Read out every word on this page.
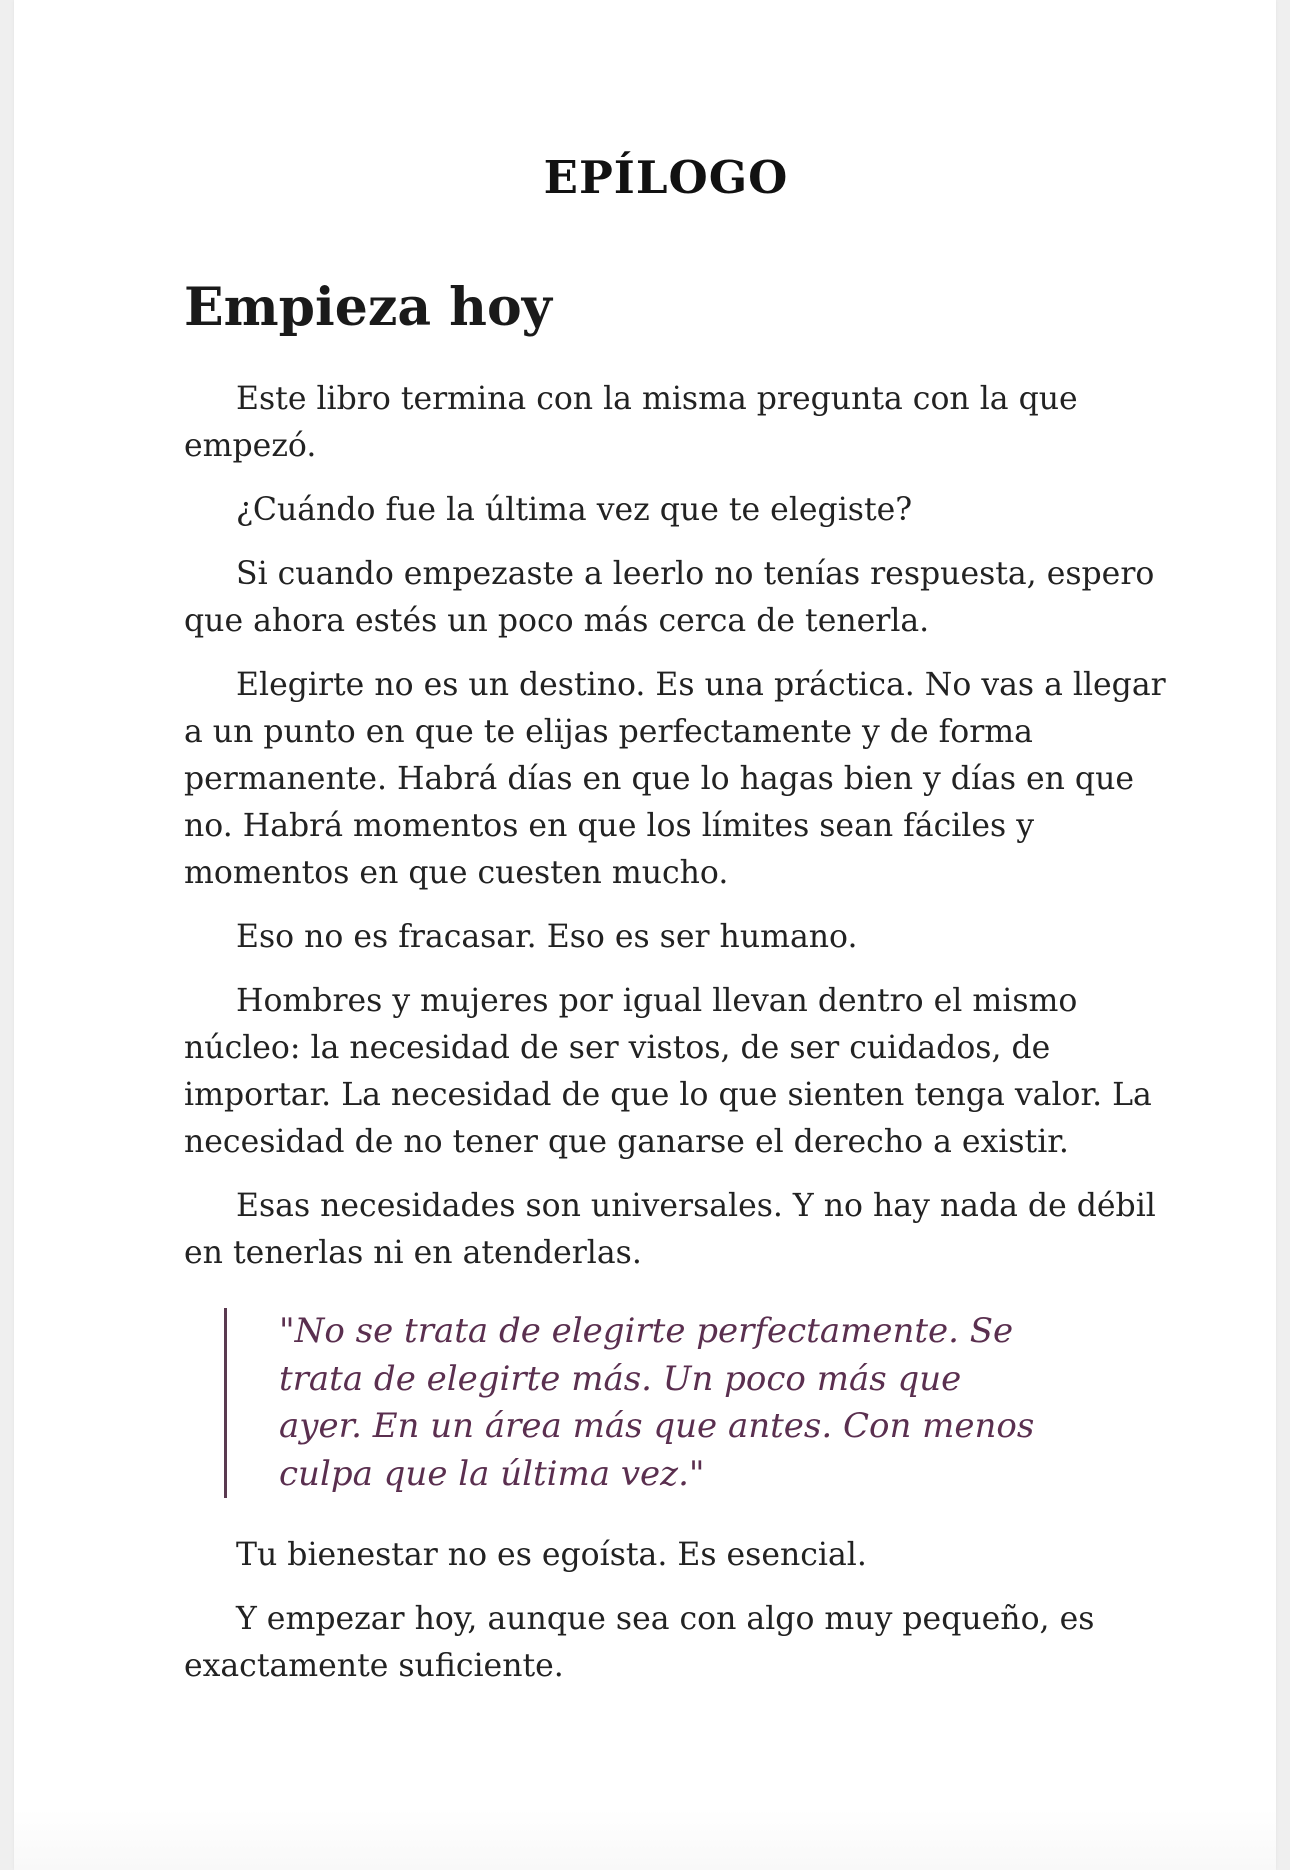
EPÍLOGO
Empieza hoy

Este libro termina con la misma pregunta con la que empezó.

¿Cuándo fue la última vez que te elegiste?

Si cuando empezaste a leerlo no tenías respuesta, espero que ahora estés un poco más cerca de tenerla.

Elegirte no es un destino. Es una práctica. No vas a llegar a un punto en que te elijas perfectamente y de forma permanente. Habrá días en que lo hagas bien y días en que no. Habrá momentos en que los límites sean fáciles y momentos en que cuesten mucho.

Eso no es fracasar. Eso es ser humano.

Hombres y mujeres por igual llevan dentro el mismo núcleo: la necesidad de ser vistos, de ser cuidados, de importar. La necesidad de que lo que sienten tenga valor. La necesidad de no tener que ganarse el derecho a existir.

Esas necesidades son universales. Y no hay nada de débil en tenerlas ni en atenderlas.

"No se trata de elegirte perfectamente. Se trata de elegirte más. Un poco más que ayer. En un área más que antes. Con menos culpa que la última vez."

Tu bienestar no es egoísta. Es esencial.

Y empezar hoy, aunque sea con algo muy pequeño, es exactamente suficiente.
